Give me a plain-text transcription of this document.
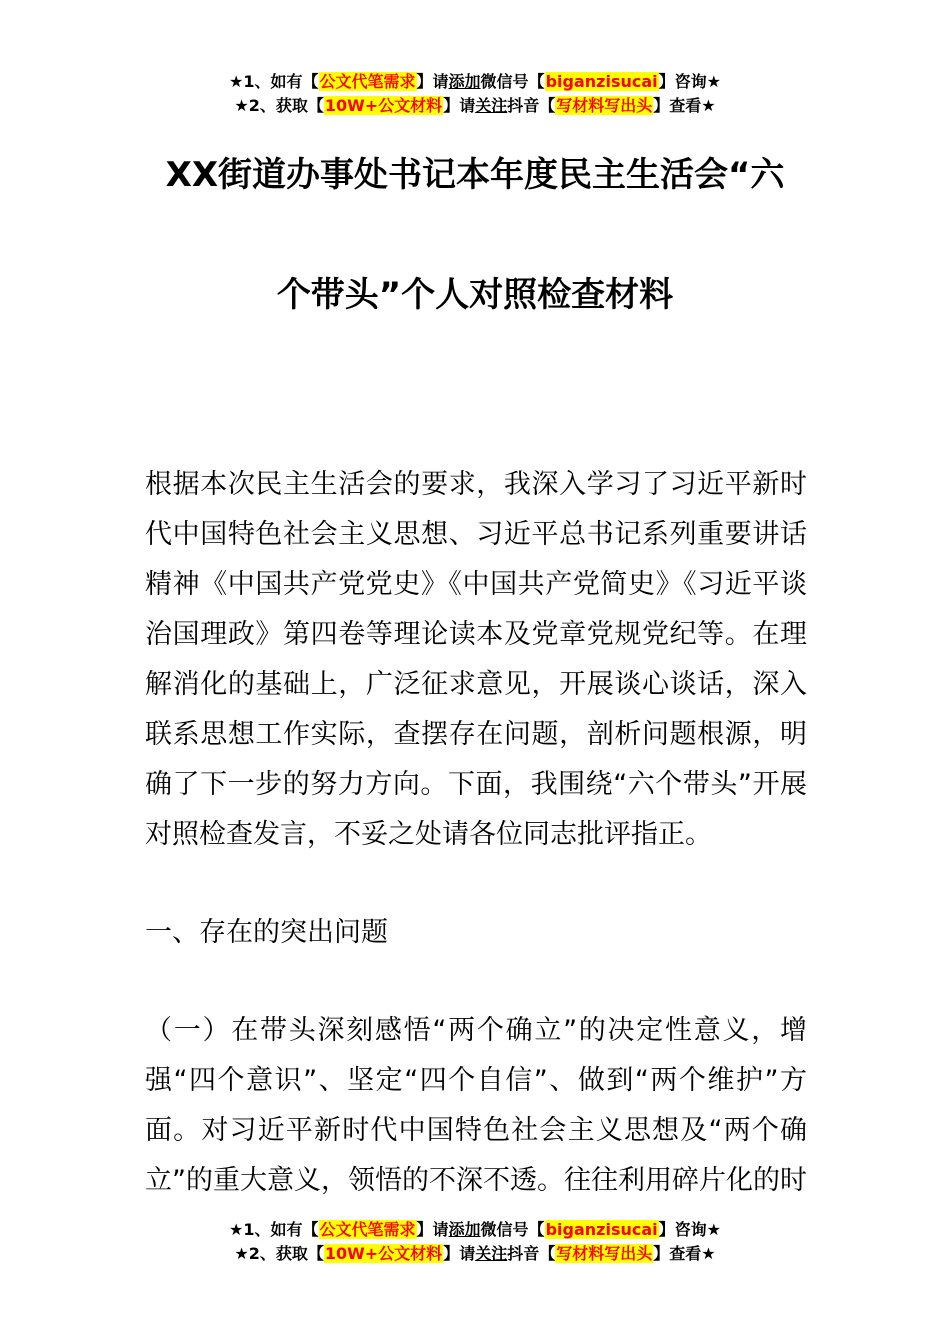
★1、如有【公文代笔需求】请添加微信号【biganzisucai】咨询★
★2、获取【10W+公文材料】请关注抖音【写材料写出头】查看★
XX街道办事处书记本年度民主生活会“六
个带头”个人对照检查材料

根据本次民主生活会的要求，我深入学习了习近平新时代中国特色社会主义思想、习近平总书记系列重要讲话精神《中国共产党党史》《中国共产党简史》《习近平谈治国理政》第四卷等理论读本及党章党规党纪等。在理解消化的基础上，广泛征求意见，开展谈心谈话，深入联系思想工作实际，查摆存在问题，剖析问题根源，明确了下一步的努力方向。下面，我围绕“六个带头”开展对照检查发言，不妥之处请各位同志批评指正。

一、存在的突出问题

（一）在带头深刻感悟“两个确立”的决定性意义，增强“四个意识”、坚定“四个自信”、做到“两个维护”方面。对习近平新时代中国特色社会主义思想及“两个确立”的重大意义，领悟的不深不透。往往利用碎片化的时

★1、如有【公文代笔需求】请添加微信号【biganzisucai】咨询★
★2、获取【10W+公文材料】请关注抖音【写材料写出头】查看★
